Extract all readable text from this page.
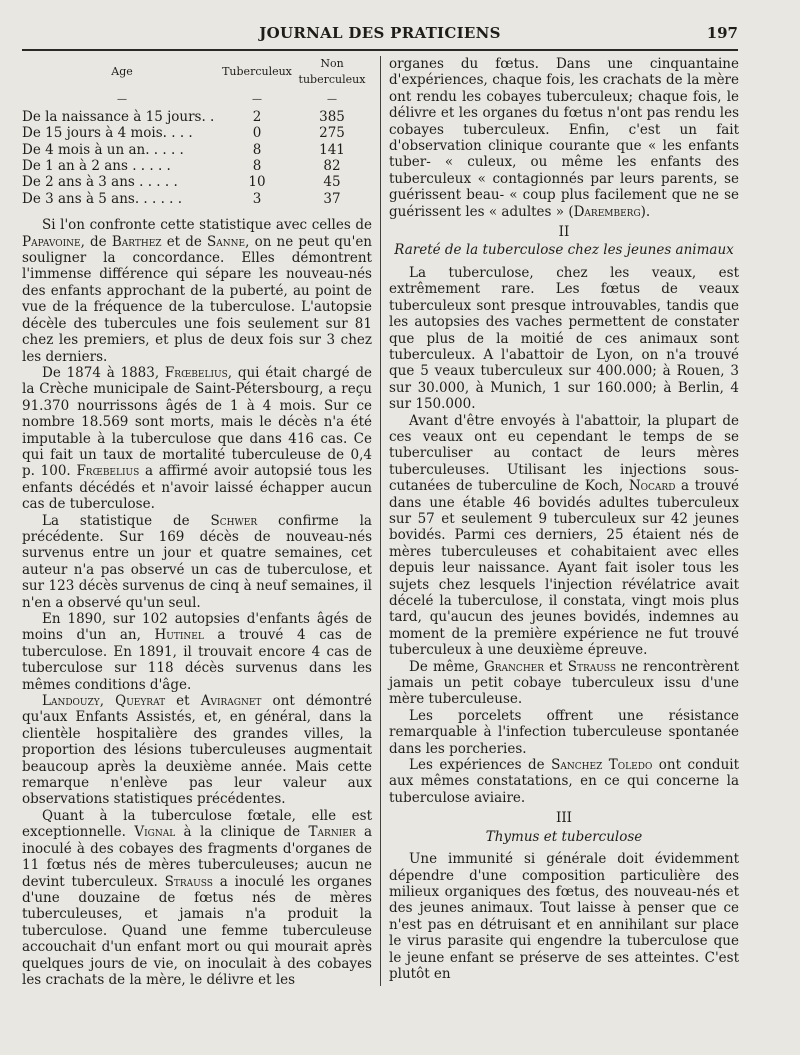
JOURNAL DES PRATICIENS	197
Age	Tuberculeux	Non tuberculeux
—	—	—
De la naissance à 15 jours. .	2	385
De 15 jours à 4 mois. . . .	0	275
De 4 mois à un an. . . . .	8	141
De 1 an à 2 ans . . . . .	8	82
De 2 ans à 3 ans . . . . .	10	45
De 3 ans à 5 ans. . . . . .	3	37

Si l'on confronte cette statistique avec celles de Papavoine, de Barthez et de Sanne, on ne peut qu'en souligner la concordance. Elles démontrent l'immense différence qui sépare les nouveau-nés des enfants approchant de la puberté, au point de vue de la fréquence de la tuberculose. L'autopsie décèle des tubercules une fois seulement sur 81 chez les premiers, et plus de deux fois sur 3 chez les derniers.

De 1874 à 1883, Frœbelius, qui était chargé de la Crèche municipale de Saint-Pétersbourg, a reçu 91.370 nourrissons âgés de 1 à 4 mois. Sur ce nombre 18.569 sont morts, mais le décès n'a été imputable à la tuberculose que dans 416 cas. Ce qui fait un taux de mortalité tuberculeuse de 0,4 p. 100. Frœbelius a affirmé avoir autopsié tous les enfants décédés et n'avoir laissé échapper aucun cas de tuberculose.

La statistique de Schwer confirme la précédente. Sur 169 décès de nouveau-nés survenus entre un jour et quatre semaines, cet auteur n'a pas observé un cas de tuberculose, et sur 123 décès survenus de cinq à neuf semaines, il n'en a observé qu'un seul.

En 1890, sur 102 autopsies d'enfants âgés de moins d'un an, Hutinel a trouvé 4 cas de tuberculose. En 1891, il trouvait encore 4 cas de tuberculose sur 118 décès survenus dans les mêmes conditions d'âge.

Landouzy, Queyrat et Aviragnet ont démontré qu'aux Enfants Assistés, et, en général, dans la clientèle hospitalière des grandes villes, la proportion des lésions tuberculeuses augmentait beaucoup après la deuxième année. Mais cette remarque n'enlève pas leur valeur aux observations statistiques précédentes.

Quant à la tuberculose fœtale, elle est exceptionnelle. Vignal à la clinique de Tarnier a inoculé à des cobayes des fragments d'organes de 11 fœtus nés de mères tuberculeuses; aucun ne devint tuberculeux. Strauss a inoculé les organes d'une douzaine de fœtus nés de mères tuberculeuses, et jamais n'a produit la tuberculose. Quand une femme tuberculeuse accouchait d'un enfant mort ou qui mourait après quelques jours de vie, on inoculait à des cobayes les crachats de la mère, le délivre et les

organes du fœtus. Dans une cinquantaine d'expériences, chaque fois, les crachats de la mère ont rendu les cobayes tuberculeux; chaque fois, le délivre et les organes du fœtus n'ont pas rendu les cobayes tuberculeux. Enfin, c'est un fait d'observation clinique courante que « les enfants tuber- « culeux, ou même les enfants des tuberculeux « contagionnés par leurs parents, se guérissent beau- « coup plus facilement que ne se guérissent les « adultes » (Daremberg).

II
Rareté de la tuberculose chez les jeunes animaux

La tuberculose, chez les veaux, est extrêmement rare. Les fœtus de veaux tuberculeux sont presque introuvables, tandis que les autopsies des vaches permettent de constater que plus de la moitié de ces animaux sont tuberculeux. A l'abattoir de Lyon, on n'a trouvé que 5 veaux tuberculeux sur 400.000; à Rouen, 3 sur 30.000, à Munich, 1 sur 160.000; à Berlin, 4 sur 150.000.

Avant d'être envoyés à l'abattoir, la plupart de ces veaux ont eu cependant le temps de se tuberculiser au contact de leurs mères tuberculeuses. Utilisant les injections sous-cutanées de tuberculine de Koch, Nocard a trouvé dans une étable 46 bovidés adultes tuberculeux sur 57 et seulement 9 tuberculeux sur 42 jeunes bovidés. Parmi ces derniers, 25 étaient nés de mères tuberculeuses et cohabitaient avec elles depuis leur naissance. Ayant fait isoler tous les sujets chez lesquels l'injection révélatrice avait décelé la tuberculose, il constata, vingt mois plus tard, qu'aucun des jeunes bovidés, indemnes au moment de la première expérience ne fut trouvé tuberculeux à une deuxième épreuve.

De même, Grancher et Strauss ne rencontrèrent jamais un petit cobaye tuberculeux issu d'une mère tuberculeuse.

Les porcelets offrent une résistance remarquable à l'infection tuberculeuse spontanée dans les porcheries.

Les expériences de Sanchez Toledo ont conduit aux mêmes constatations, en ce qui concerne la tuberculose aviaire.

III
Thymus et tuberculose

Une immunité si générale doit évidemment dépendre d'une composition particulière des milieux organiques des fœtus, des nouveau-nés et des jeunes animaux. Tout laisse à penser que ce n'est pas en détruisant et en annihilant sur place le virus parasite qui engendre la tuberculose que le jeune enfant se préserve de ses atteintes. C'est plutôt en
